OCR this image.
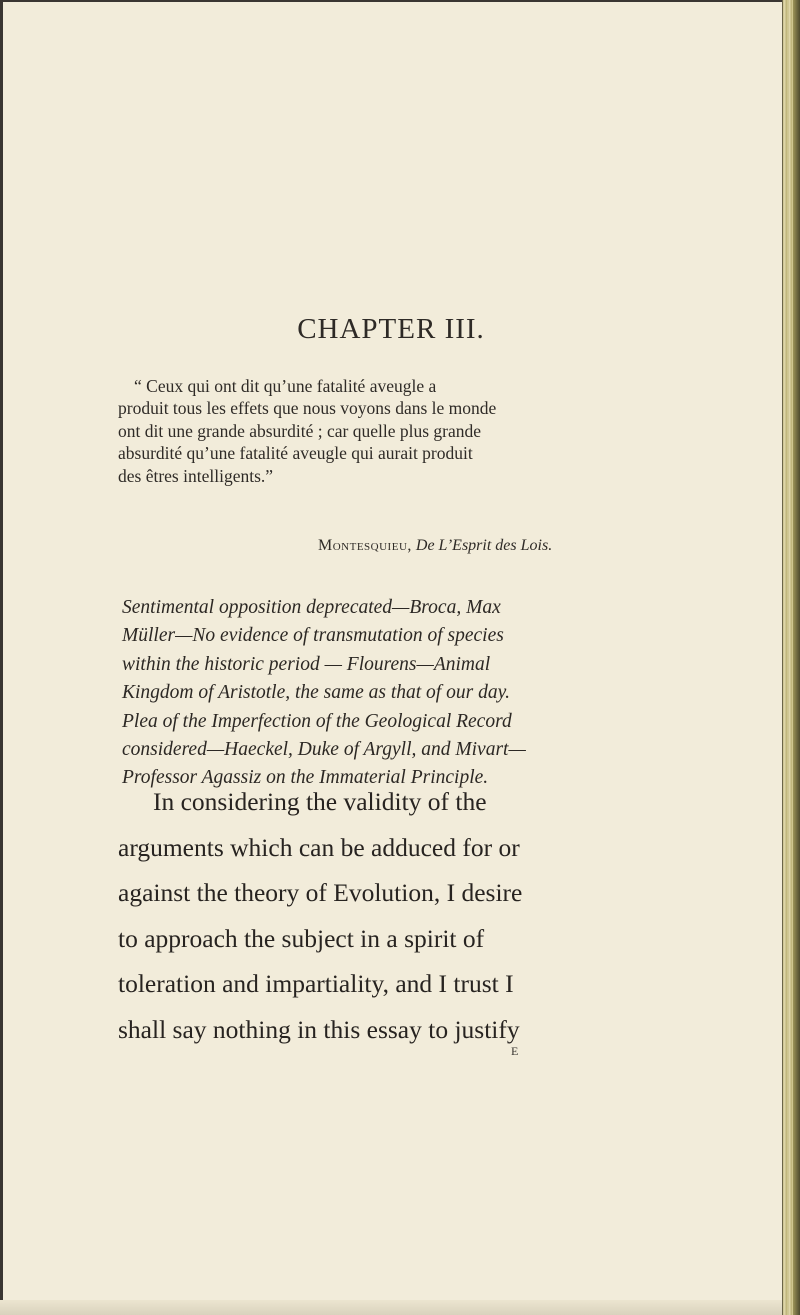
CHAPTER III.
“ Ceux qui ont dit qu’une fatalité aveugle a
produit tous les effets que nous voyons dans le monde
ont dit une grande absurdité ; car quelle plus grande
absurdité qu’une fatalité aveugle qui aurait produit
des êtres intelligents.”
Montesquieu, De L’Esprit des Lois.
Sentimental opposition deprecated—Broca, Max
Müller—No evidence of transmutation of species
within the historic period — Flourens—Animal
Kingdom of Aristotle, the same as that of our day.
Plea of the Imperfection of the Geological Record
considered—Haeckel, Duke of Argyll, and Mivart—
Professor Agassiz on the Immaterial Principle.
In considering the validity of the
arguments which can be adduced for or
against the theory of Evolution, I desire
to approach the subject in a spirit of
toleration and impartiality, and I trust I
shall say nothing in this essay to justify
E
